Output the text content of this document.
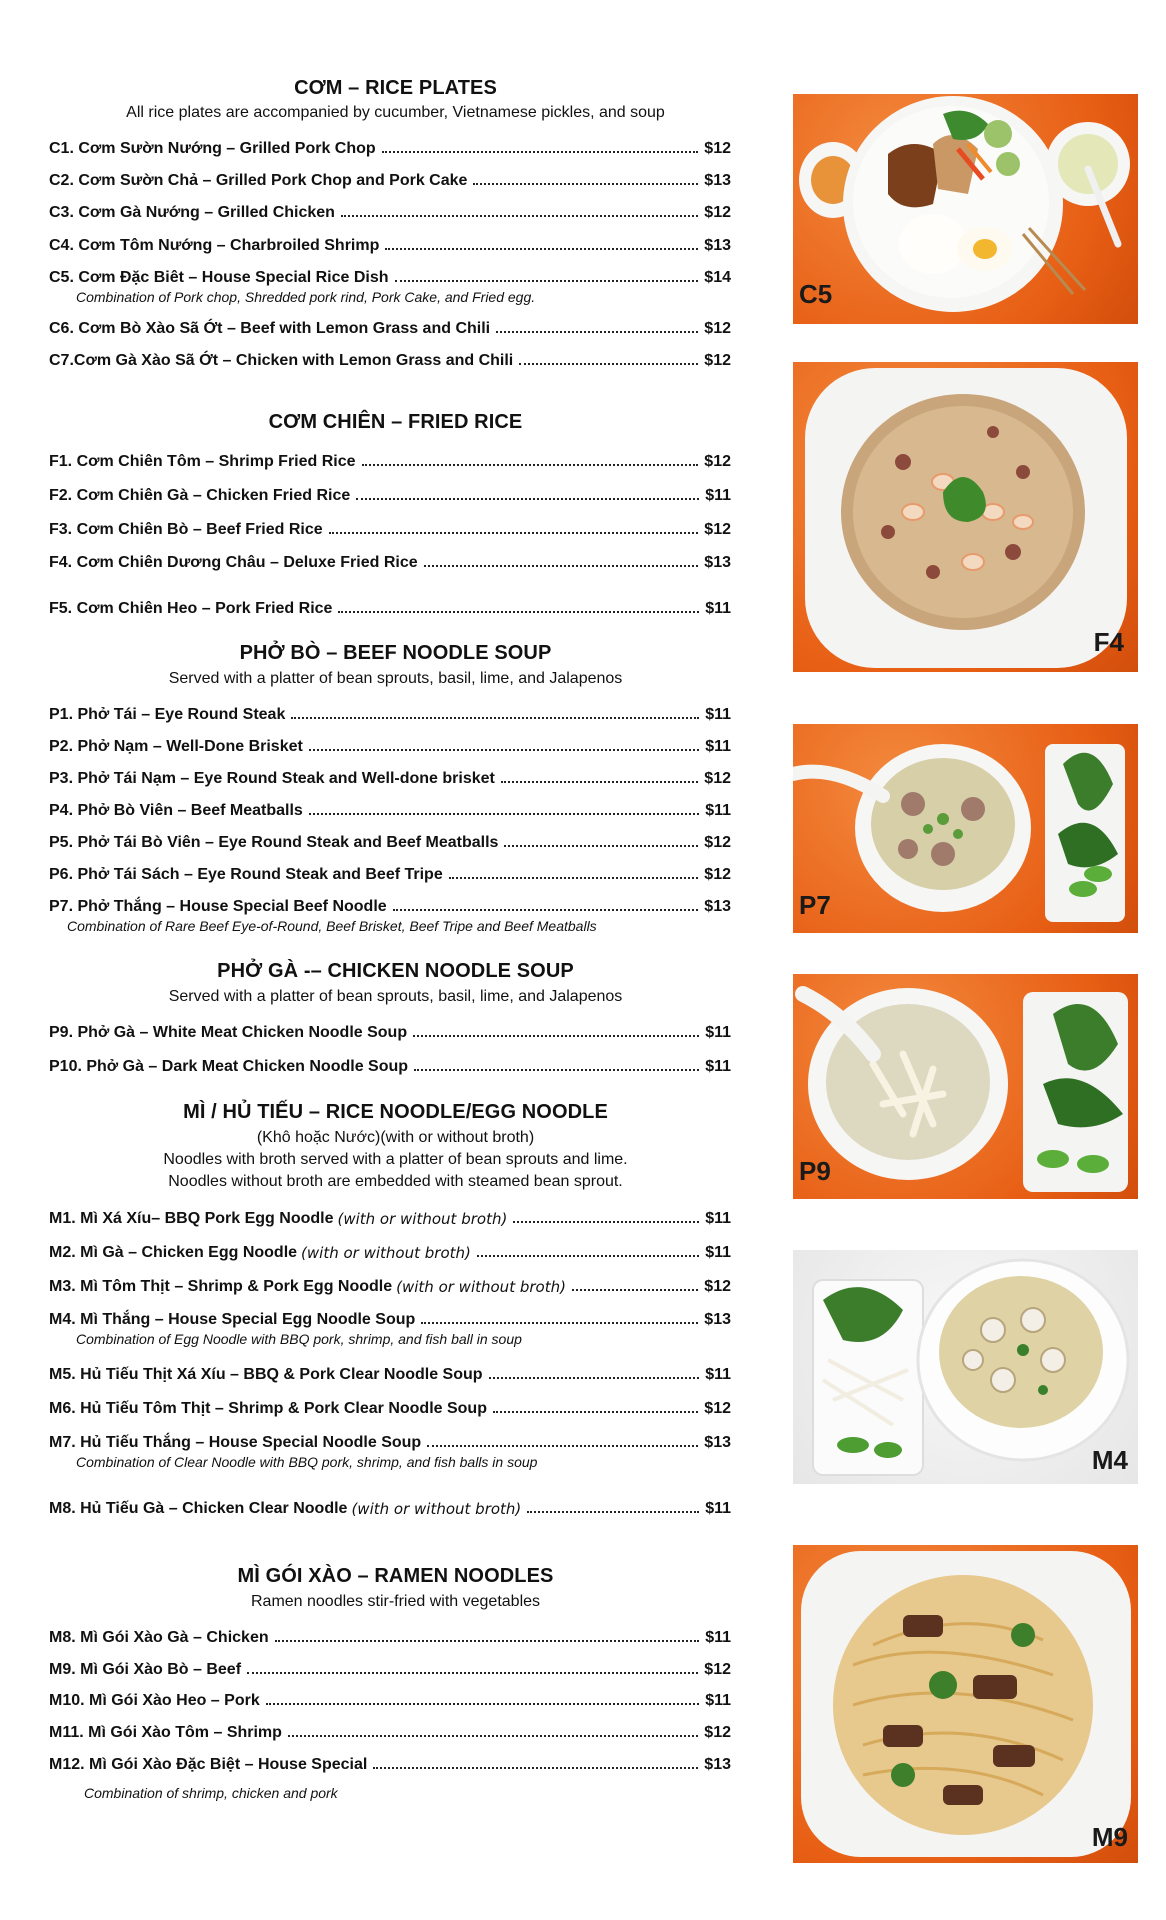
CƠM – RICE PLATES
All rice plates are accompanied by cucumber, Vietnamese pickles, and soup
C1. Cơm Sườn Nướng – Grilled Pork Chop	$12
C2. Cơm Sườn Chả – Grilled Pork Chop and Pork Cake	$13
C3. Cơm Gà Nướng – Grilled Chicken	$12
C4. Cơm Tôm Nướng – Charbroiled Shrimp	$13
C5. Cơm Đặc Biêt – House Special Rice Dish	$14
Combination of Pork chop, Shredded pork rind, Pork Cake, and Fried egg.
C6. Cơm Bò Xào Sã Ớt – Beef with Lemon Grass and Chili	$12
C7.Cơm Gà Xào Sã Ớt – Chicken with Lemon Grass and Chili	$12
CƠM CHIÊN – FRIED RICE
F1. Cơm Chiên Tôm – Shrimp Fried Rice	$12
F2. Cơm Chiên Gà – Chicken Fried Rice	$11
F3. Cơm Chiên Bò – Beef Fried Rice	$12
F4. Cơm Chiên Dương Châu – Deluxe Fried Rice	$13
F5. Cơm Chiên Heo – Pork Fried Rice	$11
PHỞ BÒ – BEEF NOODLE SOUP
Served with a platter of bean sprouts, basil, lime, and Jalapenos
P1. Phở Tái – Eye Round Steak	$11
P2. Phở Nạm – Well-Done Brisket	$11
P3. Phở Tái Nạm – Eye Round Steak and Well-done brisket	$12
P4. Phở Bò Viên – Beef Meatballs	$11
P5. Phở Tái Bò Viên – Eye Round Steak and Beef Meatballs	$12
P6. Phở Tái Sách – Eye Round Steak and Beef Tripe	$12
P7. Phở Thắng – House Special Beef Noodle	$13
Combination of Rare Beef Eye-of-Round, Beef Brisket, Beef Tripe and Beef Meatballs
PHỞ GÀ -– CHICKEN NOODLE SOUP
Served with a platter of bean sprouts, basil, lime, and Jalapenos
P9. Phở Gà – White Meat Chicken Noodle Soup	$11
P10. Phở Gà – Dark Meat Chicken Noodle Soup	$11
MÌ / HỦ TIẾU – RICE NOODLE/EGG NOODLE
(Khô hoặc Nước)(with or without broth)
Noodles with broth served with a platter of bean sprouts and lime.
Noodles without broth are embedded with steamed bean sprout.
M1. Mì Xá Xíu– BBQ Pork Egg Noodle (with or without broth)	$11
M2. Mì Gà – Chicken Egg Noodle (with or without broth)	$11
M3. Mì Tôm Thịt – Shrimp & Pork Egg Noodle (with or without broth)	$12
M4. Mì Thắng – House Special Egg Noodle Soup	$13
Combination of Egg Noodle with BBQ pork, shrimp, and fish ball in soup
M5. Hủ Tiếu Thịt Xá Xíu – BBQ & Pork Clear Noodle Soup	$11
M6. Hủ Tiếu Tôm Thịt – Shrimp & Pork Clear Noodle Soup	$12
M7. Hủ Tiếu Thắng – House Special Noodle Soup	$13
Combination of Clear Noodle with BBQ pork, shrimp, and fish balls in soup
M8. Hủ Tiếu Gà – Chicken Clear Noodle (with or without broth)	$11
MÌ GÓI XÀO – RAMEN NOODLES
Ramen noodles stir-fried with vegetables
M8. Mì Gói Xào Gà – Chicken	$11
M9. Mì Gói Xào Bò – Beef	$12
M10. Mì Gói Xào Heo – Pork	$11
M11. Mì Gói Xào Tôm – Shrimp	$12
M12. Mì Gói Xào Đặc Biệt – House Special	$13
Combination of shrimp, chicken and pork
C5
F4
P7
P9
M4
M9
